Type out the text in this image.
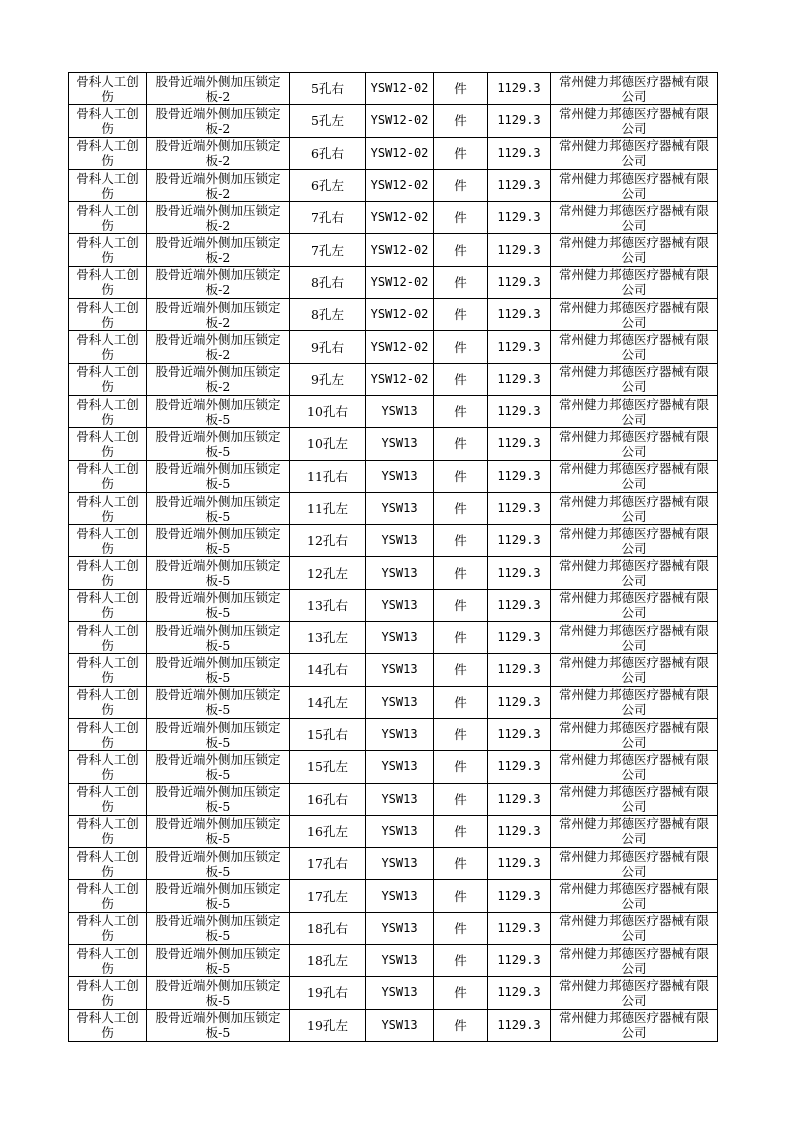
骨科人工创伤	股骨近端外侧加压锁定板-2	5孔右	YSW12-02	件	1129.3	常州健力邦德医疗器械有限公司
骨科人工创伤	股骨近端外侧加压锁定板-2	5孔左	YSW12-02	件	1129.3	常州健力邦德医疗器械有限公司
骨科人工创伤	股骨近端外侧加压锁定板-2	6孔右	YSW12-02	件	1129.3	常州健力邦德医疗器械有限公司
骨科人工创伤	股骨近端外侧加压锁定板-2	6孔左	YSW12-02	件	1129.3	常州健力邦德医疗器械有限公司
骨科人工创伤	股骨近端外侧加压锁定板-2	7孔右	YSW12-02	件	1129.3	常州健力邦德医疗器械有限公司
骨科人工创伤	股骨近端外侧加压锁定板-2	7孔左	YSW12-02	件	1129.3	常州健力邦德医疗器械有限公司
骨科人工创伤	股骨近端外侧加压锁定板-2	8孔右	YSW12-02	件	1129.3	常州健力邦德医疗器械有限公司
骨科人工创伤	股骨近端外侧加压锁定板-2	8孔左	YSW12-02	件	1129.3	常州健力邦德医疗器械有限公司
骨科人工创伤	股骨近端外侧加压锁定板-2	9孔右	YSW12-02	件	1129.3	常州健力邦德医疗器械有限公司
骨科人工创伤	股骨近端外侧加压锁定板-2	9孔左	YSW12-02	件	1129.3	常州健力邦德医疗器械有限公司
骨科人工创伤	股骨近端外侧加压锁定板-5	10孔右	YSW13	件	1129.3	常州健力邦德医疗器械有限公司
骨科人工创伤	股骨近端外侧加压锁定板-5	10孔左	YSW13	件	1129.3	常州健力邦德医疗器械有限公司
骨科人工创伤	股骨近端外侧加压锁定板-5	11孔右	YSW13	件	1129.3	常州健力邦德医疗器械有限公司
骨科人工创伤	股骨近端外侧加压锁定板-5	11孔左	YSW13	件	1129.3	常州健力邦德医疗器械有限公司
骨科人工创伤	股骨近端外侧加压锁定板-5	12孔右	YSW13	件	1129.3	常州健力邦德医疗器械有限公司
骨科人工创伤	股骨近端外侧加压锁定板-5	12孔左	YSW13	件	1129.3	常州健力邦德医疗器械有限公司
骨科人工创伤	股骨近端外侧加压锁定板-5	13孔右	YSW13	件	1129.3	常州健力邦德医疗器械有限公司
骨科人工创伤	股骨近端外侧加压锁定板-5	13孔左	YSW13	件	1129.3	常州健力邦德医疗器械有限公司
骨科人工创伤	股骨近端外侧加压锁定板-5	14孔右	YSW13	件	1129.3	常州健力邦德医疗器械有限公司
骨科人工创伤	股骨近端外侧加压锁定板-5	14孔左	YSW13	件	1129.3	常州健力邦德医疗器械有限公司
骨科人工创伤	股骨近端外侧加压锁定板-5	15孔右	YSW13	件	1129.3	常州健力邦德医疗器械有限公司
骨科人工创伤	股骨近端外侧加压锁定板-5	15孔左	YSW13	件	1129.3	常州健力邦德医疗器械有限公司
骨科人工创伤	股骨近端外侧加压锁定板-5	16孔右	YSW13	件	1129.3	常州健力邦德医疗器械有限公司
骨科人工创伤	股骨近端外侧加压锁定板-5	16孔左	YSW13	件	1129.3	常州健力邦德医疗器械有限公司
骨科人工创伤	股骨近端外侧加压锁定板-5	17孔右	YSW13	件	1129.3	常州健力邦德医疗器械有限公司
骨科人工创伤	股骨近端外侧加压锁定板-5	17孔左	YSW13	件	1129.3	常州健力邦德医疗器械有限公司
骨科人工创伤	股骨近端外侧加压锁定板-5	18孔右	YSW13	件	1129.3	常州健力邦德医疗器械有限公司
骨科人工创伤	股骨近端外侧加压锁定板-5	18孔左	YSW13	件	1129.3	常州健力邦德医疗器械有限公司
骨科人工创伤	股骨近端外侧加压锁定板-5	19孔右	YSW13	件	1129.3	常州健力邦德医疗器械有限公司
骨科人工创伤	股骨近端外侧加压锁定板-5	19孔左	YSW13	件	1129.3	常州健力邦德医疗器械有限公司
